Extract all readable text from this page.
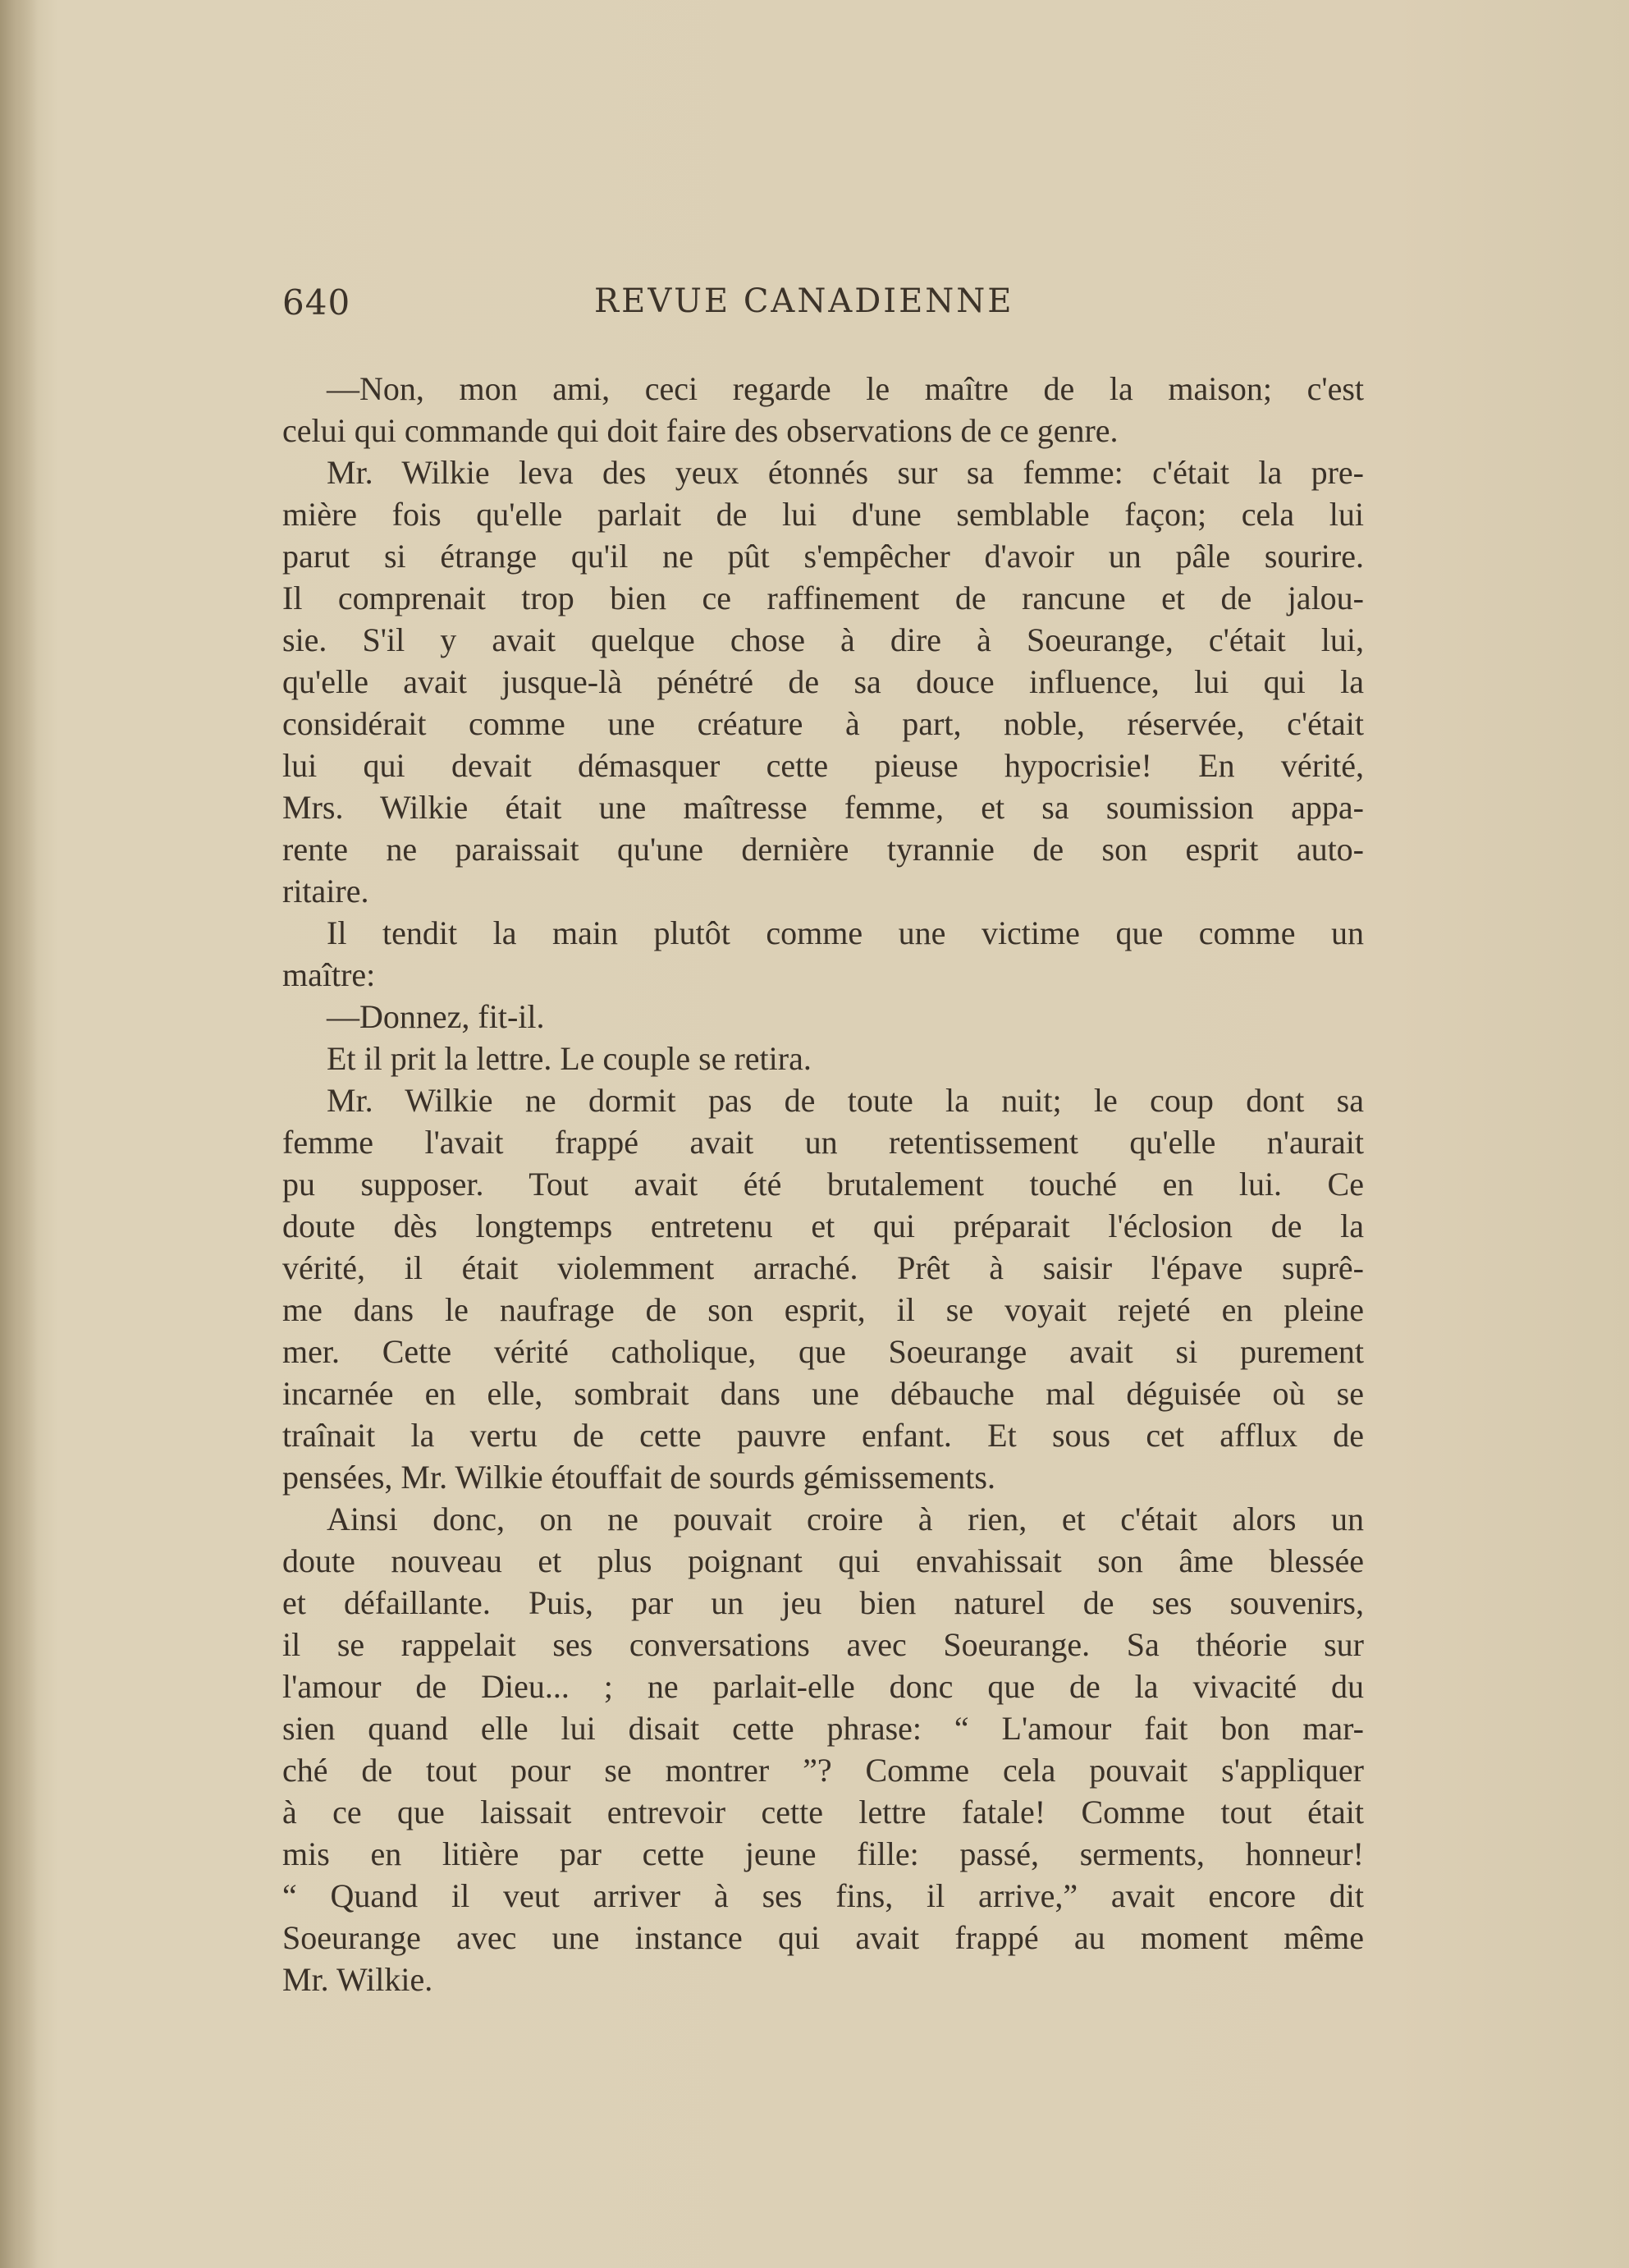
640	REVUE CANADIENNE
—Non, mon ami, ceci regarde le maître de la maison; c'est
celui qui commande qui doit faire des observations de ce genre.
Mr. Wilkie leva des yeux étonnés sur sa femme: c'était la pre-
mière fois qu'elle parlait de lui d'une semblable façon; cela lui
parut si étrange qu'il ne pût s'empêcher d'avoir un pâle sourire.
Il comprenait trop bien ce raffinement de rancune et de jalou-
sie. S'il y avait quelque chose à dire à Soeurange, c'était lui,
qu'elle avait jusque-là pénétré de sa douce influence, lui qui la
considérait comme une créature à part, noble, réservée, c'était
lui qui devait démasquer cette pieuse hypocrisie! En vérité,
Mrs. Wilkie était une maîtresse femme, et sa soumission appa-
rente ne paraissait qu'une dernière tyrannie de son esprit auto-
ritaire.
Il tendit la main plutôt comme une victime que comme un
maître:
—Donnez, fit-il.
Et il prit la lettre. Le couple se retira.
Mr. Wilkie ne dormit pas de toute la nuit; le coup dont sa
femme l'avait frappé avait un retentissement qu'elle n'aurait
pu supposer. Tout avait été brutalement touché en lui. Ce
doute dès longtemps entretenu et qui préparait l'éclosion de la
vérité, il était violemment arraché. Prêt à saisir l'épave suprê-
me dans le naufrage de son esprit, il se voyait rejeté en pleine
mer. Cette vérité catholique, que Soeurange avait si purement
incarnée en elle, sombrait dans une débauche mal déguisée où se
traînait la vertu de cette pauvre enfant. Et sous cet afflux de
pensées, Mr. Wilkie étouffait de sourds gémissements.
Ainsi donc, on ne pouvait croire à rien, et c'était alors un
doute nouveau et plus poignant qui envahissait son âme blessée
et défaillante. Puis, par un jeu bien naturel de ses souvenirs,
il se rappelait ses conversations avec Soeurange. Sa théorie sur
l'amour de Dieu... ; ne parlait-elle donc que de la vivacité du
sien quand elle lui disait cette phrase: “ L'amour fait bon mar-
ché de tout pour se montrer ”? Comme cela pouvait s'appliquer
à ce que laissait entrevoir cette lettre fatale! Comme tout était
mis en litière par cette jeune fille: passé, serments, honneur!
“ Quand il veut arriver à ses fins, il arrive,” avait encore dit
Soeurange avec une instance qui avait frappé au moment même
Mr. Wilkie.
